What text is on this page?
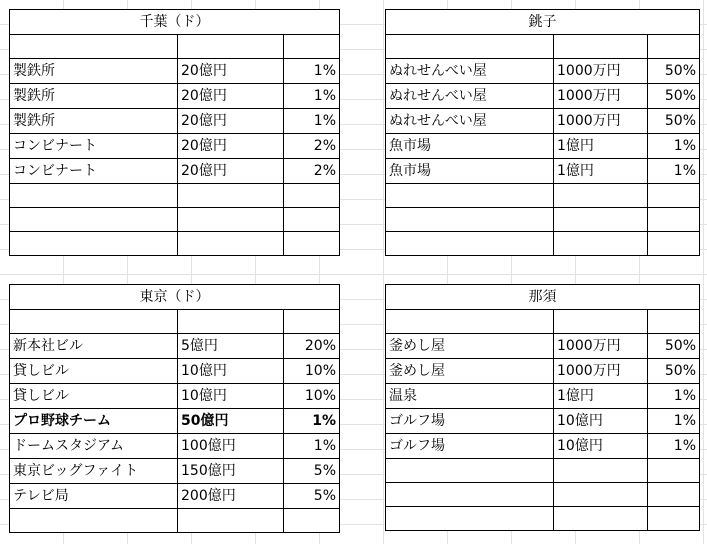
千葉（ド）		

製鉄所	20億円	1%
製鉄所	20億円	1%
製鉄所	20億円	1%
コンビナート	20億円	2%
コンビナート	20億円	2%

銚子		

ぬれせんべい屋	1000万円	50%
ぬれせんべい屋	1000万円	50%
ぬれせんべい屋	1000万円	50%
魚市場	1億円	1%
魚市場	1億円	1%

東京（ド）		

新本社ビル	5億円	20%
貸しビル	10億円	10%
貸しビル	10億円	10%
プロ野球チーム	50億円	1%
ドームスタジアム	100億円	1%
東京ビッグファイト	150億円	5%
テレビ局	200億円	5%

那須		

釜めし屋	1000万円	50%
釜めし屋	1000万円	50%
温泉	1億円	1%
ゴルフ場	10億円	1%
ゴルフ場	10億円	1%
